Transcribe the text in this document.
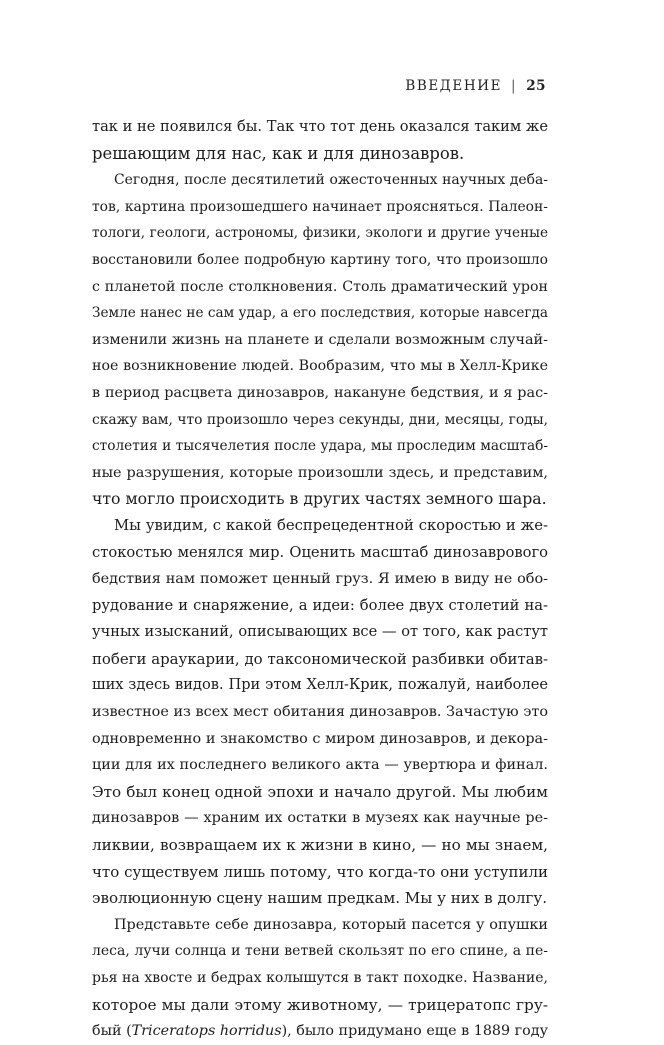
ВВЕДЕНИЕ | 25
так и не появился бы. Так что тот день оказался таким же
решающим для нас, как и для динозавров.
Сегодня, после десятилетий ожесточенных научных деба-
тов, картина произошедшего начинает проясняться. Палеон-
тологи, геологи, астрономы, физики, экологи и другие ученые
восстановили более подробную картину того, что произошло
с планетой после столкновения. Столь драматический урон
Земле нанес не сам удар, а его последствия, которые навсегда
изменили жизнь на планете и сделали возможным случай-
ное возникновение людей. Вообразим, что мы в Хелл-Крике
в период расцвета динозавров, накануне бедствия, и я рас-
скажу вам, что произошло через секунды, дни, месяцы, годы,
столетия и тысячелетия после удара, мы проследим масштаб-
ные разрушения, которые произошли здесь, и представим,
что могло происходить в других частях земного шара.
Мы увидим, с какой беспрецедентной скоростью и же-
стокостью менялся мир. Оценить масштаб динозаврового
бедствия нам поможет ценный груз. Я имею в виду не обо-
рудование и снаряжение, а идеи: более двух столетий на-
учных изысканий, описывающих все — от того, как растут
побеги араукарии, до таксономической разбивки обитав-
ших здесь видов. При этом Хелл-Крик, пожалуй, наиболее
известное из всех мест обитания динозавров. Зачастую это
одновременно и знакомство с миром динозавров, и декора-
ции для их последнего великого акта — увертюра и финал.
Это был конец одной эпохи и начало другой. Мы любим
динозавров — храним их остатки в музеях как научные ре-
ликвии, возвращаем их к жизни в кино, — но мы знаем,
что существуем лишь потому, что когда-то они уступили
эволюционную сцену нашим предкам. Мы у них в долгу.
Представьте себе динозавра, который пасется у опушки
леса, лучи солнца и тени ветвей скользят по его спине, а пе-
рья на хвосте и бедрах колышутся в такт походке. Название,
которое мы дали этому животному, — трицератопс гру-
бый (Triceratops horridus), было придумано еще в 1889 году
